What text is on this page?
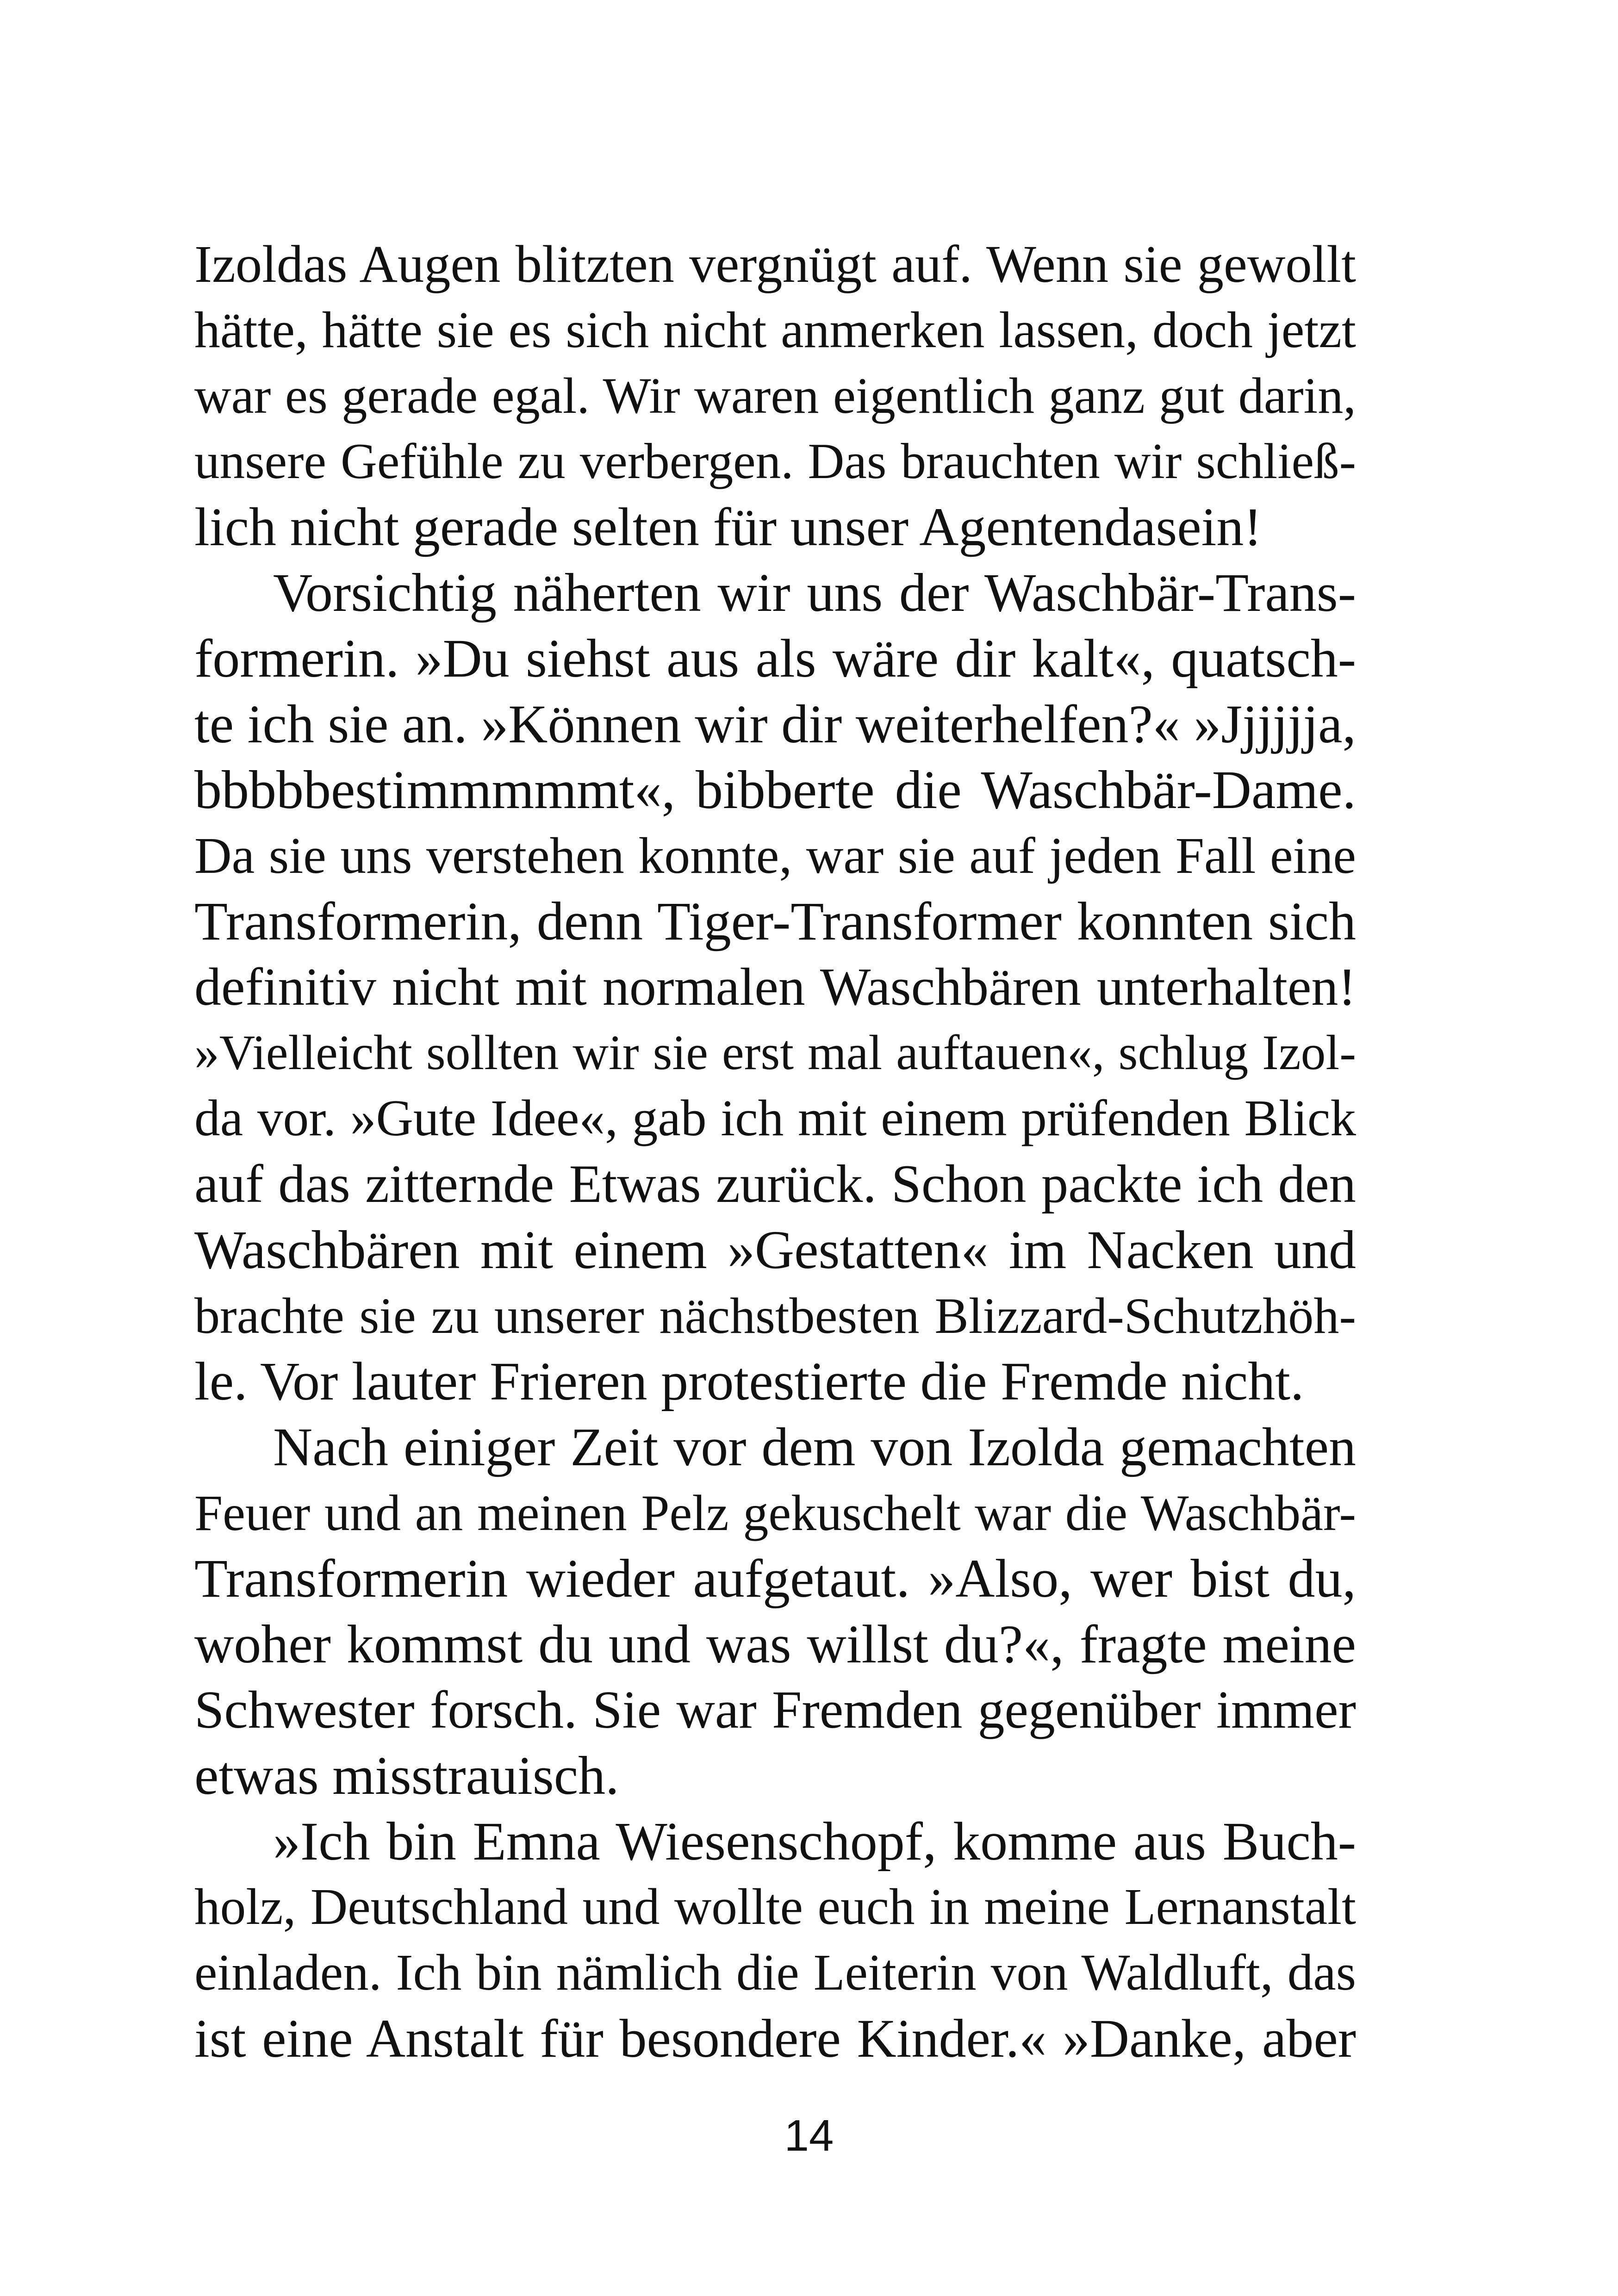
Izoldas Augen blitzten vergnügt auf. Wenn sie gewollt
hätte, hätte sie es sich nicht anmerken lassen, doch jetzt
war es gerade egal. Wir waren eigentlich ganz gut darin,
unsere Gefühle zu verbergen. Das brauchten wir schließ-
lich nicht gerade selten für unser Agentendasein!
Vorsichtig näherten wir uns der Waschbär-Trans-
formerin. »Du siehst aus als wäre dir kalt«, quatsch-
te ich sie an. »Können wir dir weiterhelfen?« »Jjjjjja,
bbbbbestimmmmmt«, bibberte die Waschbär-Dame.
Da sie uns verstehen konnte, war sie auf jeden Fall eine
Transformerin, denn Tiger-Transformer konnten sich
definitiv nicht mit normalen Waschbären unterhalten!
»Vielleicht sollten wir sie erst mal auftauen«, schlug Izol-
da vor. »Gute Idee«, gab ich mit einem prüfenden Blick
auf das zitternde Etwas zurück. Schon packte ich den
Waschbären mit einem »Gestatten« im Nacken und
brachte sie zu unserer nächstbesten Blizzard-Schutzhöh-
le. Vor lauter Frieren protestierte die Fremde nicht.
Nach einiger Zeit vor dem von Izolda gemachten
Feuer und an meinen Pelz gekuschelt war die Waschbär-
Transformerin wieder aufgetaut. »Also, wer bist du,
woher kommst du und was willst du?«, fragte meine
Schwester forsch. Sie war Fremden gegenüber immer
etwas misstrauisch.
»Ich bin Emna Wiesenschopf, komme aus Buch-
holz, Deutschland und wollte euch in meine Lernanstalt
einladen. Ich bin nämlich die Leiterin von Waldluft, das
ist eine Anstalt für besondere Kinder.« »Danke, aber
14
